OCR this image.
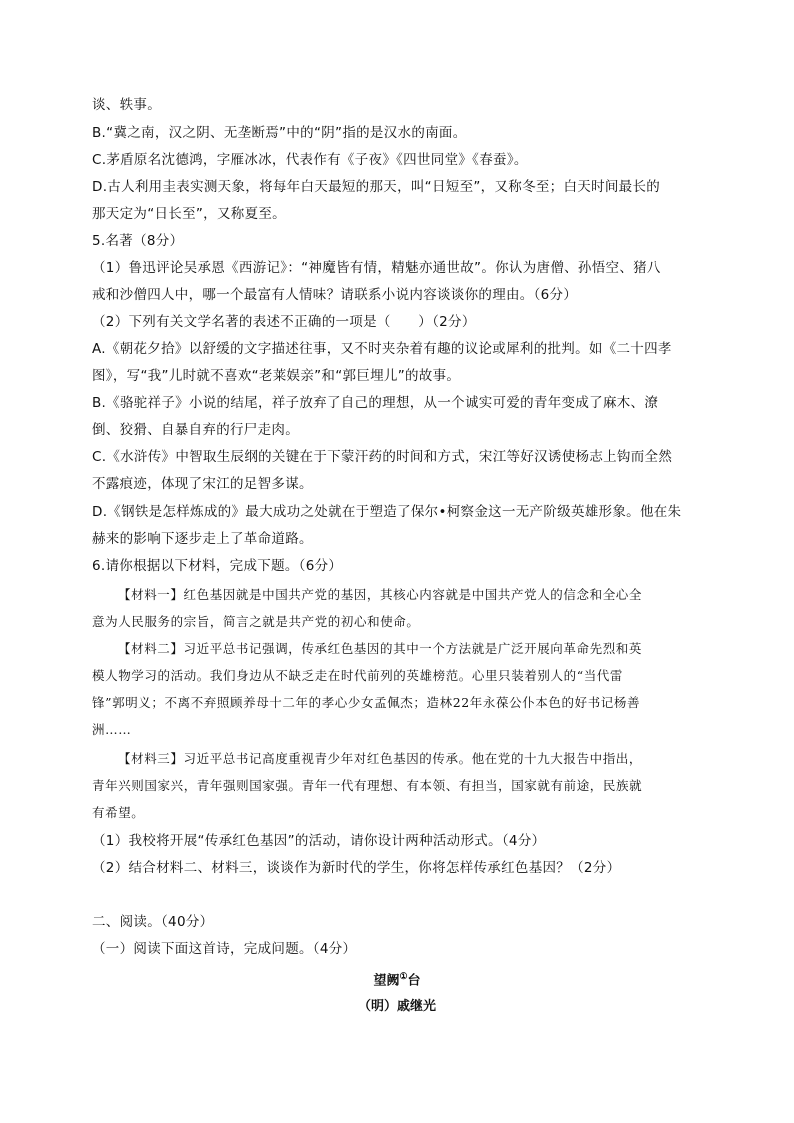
谈、轶事。
B.“冀之南，汉之阴、无垄断焉”中的“阴”指的是汉水的南面。
C.茅盾原名沈德鸿，字雁冰冰，代表作有《子夜》《四世同堂》《春蚕》。
D.古人利用圭表实测天象，将每年白天最短的那天，叫“日短至”，又称冬至；白天时间最长的
那天定为“日长至”，又称夏至。
5.名著（8分）
（1）鲁迅评论吴承恩《西游记》：“神魔皆有情，精魅亦通世故”。你认为唐僧、孙悟空、猪八
戒和沙僧四人中，哪一个最富有人情味？请联系小说内容谈谈你的理由。（6分）
（2）下列有关文学名著的表述不正确的一项是（　　）（2分）
A.《朝花夕拾》以舒缓的文字描述往事，又不时夹杂着有趣的议论或犀利的批判。如《二十四孝
图》，写“我”儿时就不喜欢“老莱娱亲”和“郭巨埋儿”的故事。
B.《骆驼祥子》小说的结尾，祥子放弃了自己的理想，从一个诚实可爱的青年变成了麻木、潦
倒、狡猾、自暴自弃的行尸走肉。
C.《水浒传》中智取生辰纲的关键在于下蒙汗药的时间和方式，宋江等好汉诱使杨志上钩而全然
不露痕迹，体现了宋江的足智多谋。
D.《钢铁是怎样炼成的》最大成功之处就在于塑造了保尔•柯察金这一无产阶级英雄形象。他在朱
赫来的影响下逐步走上了革命道路。
6.请你根据以下材料，完成下题。（6分）
【材料一】红色基因就是中国共产党的基因，其核心内容就是中国共产党人的信念和全心全
意为人民服务的宗旨，简言之就是共产党的初心和使命。
【材料二】习近平总书记强调，传承红色基因的其中一个方法就是广泛开展向革命先烈和英
模人物学习的活动。我们身边从不缺乏走在时代前列的英雄榜范。心里只装着别人的“当代雷
锋”郭明义；不离不弃照顾养母十二年的孝心少女孟佩杰；造林22年永葆公仆本色的好书记杨善
洲……
【材料三】习近平总书记高度重视青少年对红色基因的传承。他在党的十九大报告中指出，
青年兴则国家兴，青年强则国家强。青年一代有理想、有本领、有担当，国家就有前途，民族就
有希望。
（1）我校将开展“传承红色基因”的活动，请你设计两种活动形式。（4分）
（2）结合材料二、材料三，谈谈作为新时代的学生，你将怎样传承红色基因？（2分）
二、阅读。（40分）
（一）阅读下面这首诗，完成问题。（4分）
望阙①台
（明）戚继光
